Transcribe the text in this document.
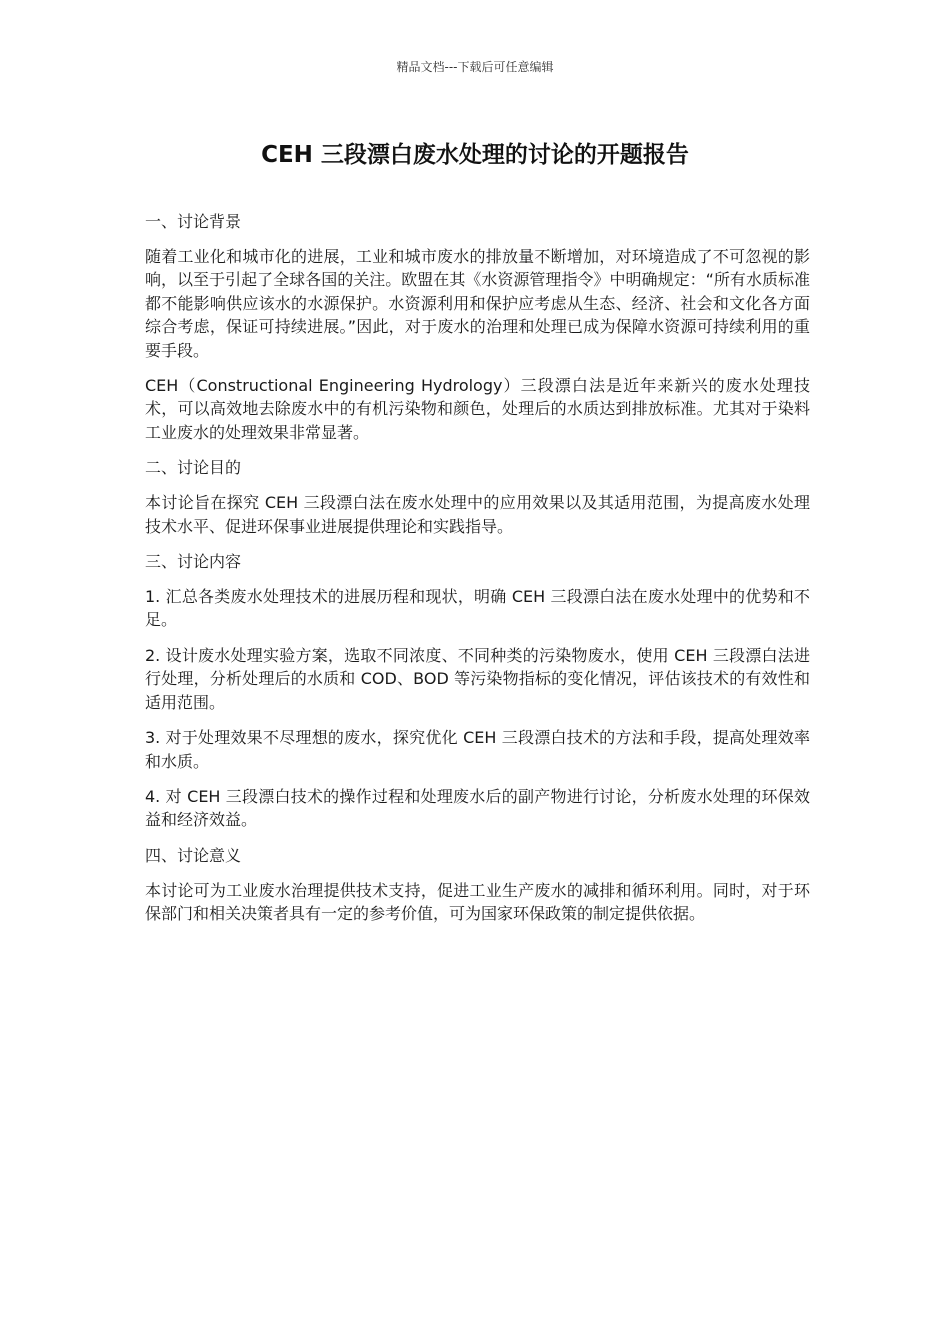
精品文档---下载后可任意编辑
CEH 三段漂白废水处理的讨论的开题报告

一、讨论背景

随着工业化和城市化的进展，工业和城市废水的排放量不断增加，对环境造成了不可忽视的影响，以至于引起了全球各国的关注。欧盟在其《水资源管理指令》中明确规定：“所有水质标准都不能影响供应该水的水源保护。水资源利用和保护应考虑从生态、经济、社会和文化各方面综合考虑，保证可持续进展。”因此，对于废水的治理和处理已成为保障水资源可持续利用的重要手段。

CEH（Constructional Engineering Hydrology）三段漂白法是近年来新兴的废水处理技术，可以高效地去除废水中的有机污染物和颜色，处理后的水质达到排放标准。尤其对于染料工业废水的处理效果非常显著。

二、讨论目的

本讨论旨在探究 CEH 三段漂白法在废水处理中的应用效果以及其适用范围，为提高废水处理技术水平、促进环保事业进展提供理论和实践指导。

三、讨论内容

1. 汇总各类废水处理技术的进展历程和现状，明确 CEH 三段漂白法在废水处理中的优势和不足。

2. 设计废水处理实验方案，选取不同浓度、不同种类的污染物废水，使用 CEH 三段漂白法进行处理，分析处理后的水质和 COD、BOD 等污染物指标的变化情况，评估该技术的有效性和适用范围。

3. 对于处理效果不尽理想的废水，探究优化 CEH 三段漂白技术的方法和手段，提高处理效率和水质。

4. 对 CEH 三段漂白技术的操作过程和处理废水后的副产物进行讨论，分析废水处理的环保效益和经济效益。

四、讨论意义

本讨论可为工业废水治理提供技术支持，促进工业生产废水的减排和循环利用。同时，对于环保部门和相关决策者具有一定的参考价值，可为国家环保政策的制定提供依据。
